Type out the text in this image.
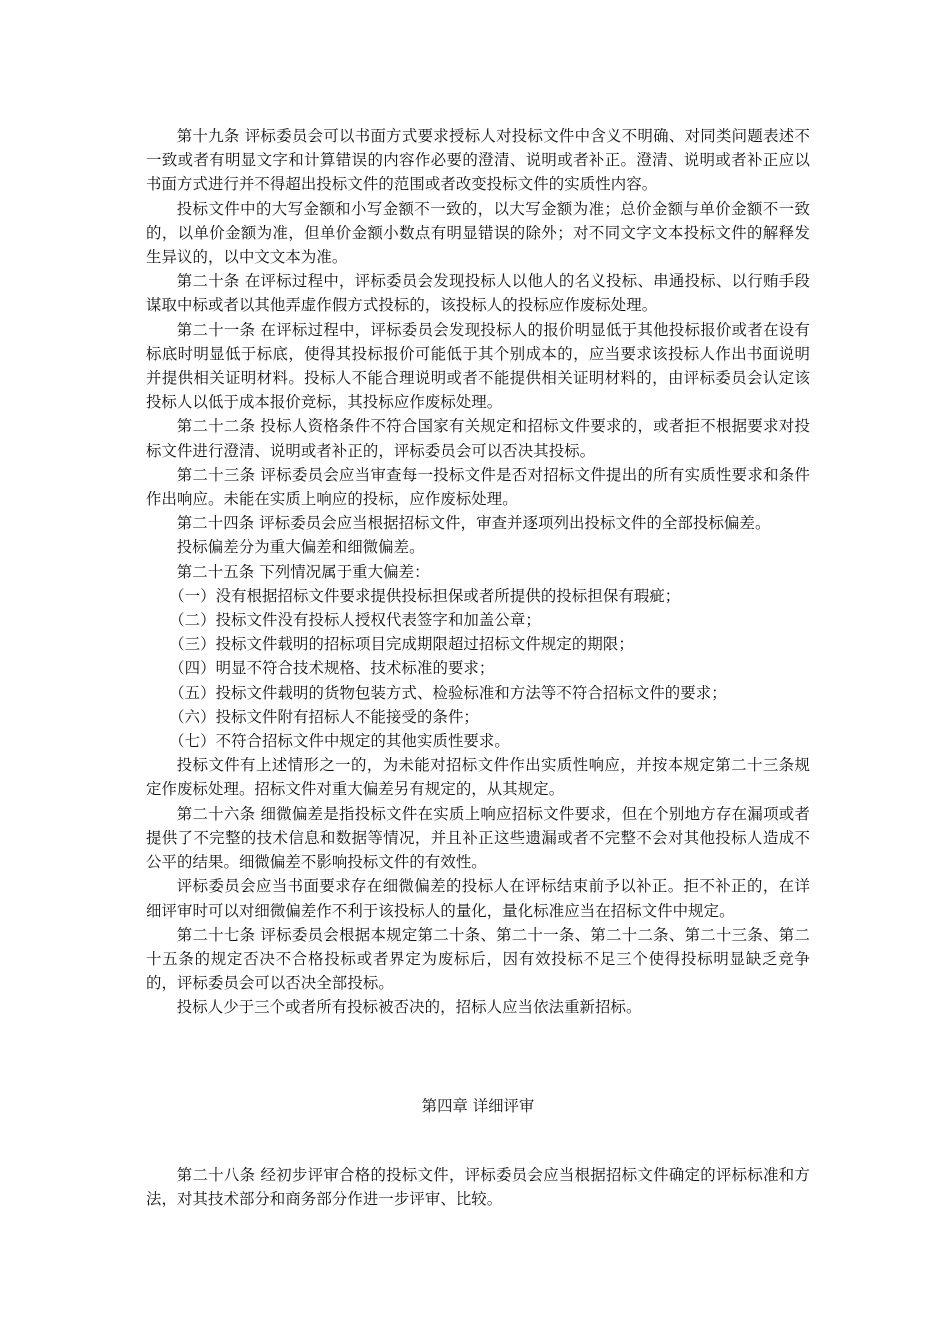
第十九条 评标委员会可以书面方式要求授标人对投标文件中含义不明确、对同类问题表述不一致或者有明显文字和计算错误的内容作必要的澄清、说明或者补正。澄清、说明或者补正应以书面方式进行并不得超出投标文件的范围或者改变投标文件的实质性内容。

投标文件中的大写金额和小写金额不一致的，以大写金额为准；总价金额与单价金额不一致的，以单价金额为准，但单价金额小数点有明显错误的除外；对不同文字文本投标文件的解释发生异议的，以中文文本为准。

第二十条 在评标过程中，评标委员会发现投标人以他人的名义投标、串通投标、以行贿手段谋取中标或者以其他弄虚作假方式投标的，该投标人的投标应作废标处理。

第二十一条 在评标过程中，评标委员会发现投标人的报价明显低于其他投标报价或者在设有标底时明显低于标底，使得其投标报价可能低于其个别成本的，应当要求该投标人作出书面说明并提供相关证明材料。投标人不能合理说明或者不能提供相关证明材料的，由评标委员会认定该投标人以低于成本报价竞标，其投标应作废标处理。

第二十二条 投标人资格条件不符合国家有关规定和招标文件要求的，或者拒不根据要求对投标文件进行澄清、说明或者补正的，评标委员会可以否决其投标。

第二十三条 评标委员会应当审查每一投标文件是否对招标文件提出的所有实质性要求和条件作出响应。未能在实质上响应的投标，应作废标处理。

第二十四条 评标委员会应当根据招标文件，审查并逐项列出投标文件的全部投标偏差。

投标偏差分为重大偏差和细微偏差。

第二十五条 下列情况属于重大偏差：

（一）没有根据招标文件要求提供投标担保或者所提供的投标担保有瑕疵；

（二）投标文件没有投标人授权代表签字和加盖公章；

（三）投标文件载明的招标项目完成期限超过招标文件规定的期限；

（四）明显不符合技术规格、技术标准的要求；

（五）投标文件载明的货物包装方式、检验标准和方法等不符合招标文件的要求；

（六）投标文件附有招标人不能接受的条件；

（七）不符合招标文件中规定的其他实质性要求。

投标文件有上述情形之一的，为未能对招标文件作出实质性响应，并按本规定第二十三条规定作废标处理。招标文件对重大偏差另有规定的，从其规定。

第二十六条 细微偏差是指投标文件在实质上响应招标文件要求，但在个别地方存在漏项或者提供了不完整的技术信息和数据等情况，并且补正这些遗漏或者不完整不会对其他投标人造成不公平的结果。细微偏差不影响投标文件的有效性。

评标委员会应当书面要求存在细微偏差的投标人在评标结束前予以补正。拒不补正的，在详细评审时可以对细微偏差作不利于该投标人的量化，量化标准应当在招标文件中规定。

第二十七条 评标委员会根据本规定第二十条、第二十一条、第二十二条、第二十三条、第二十五条的规定否决不合格投标或者界定为废标后，因有效投标不足三个使得投标明显缺乏竞争的，评标委员会可以否决全部投标。

投标人少于三个或者所有投标被否决的，招标人应当依法重新招标。

第四章 详细评审

第二十八条 经初步评审合格的投标文件，评标委员会应当根据招标文件确定的评标标准和方法，对其技术部分和商务部分作进一步评审、比较。
